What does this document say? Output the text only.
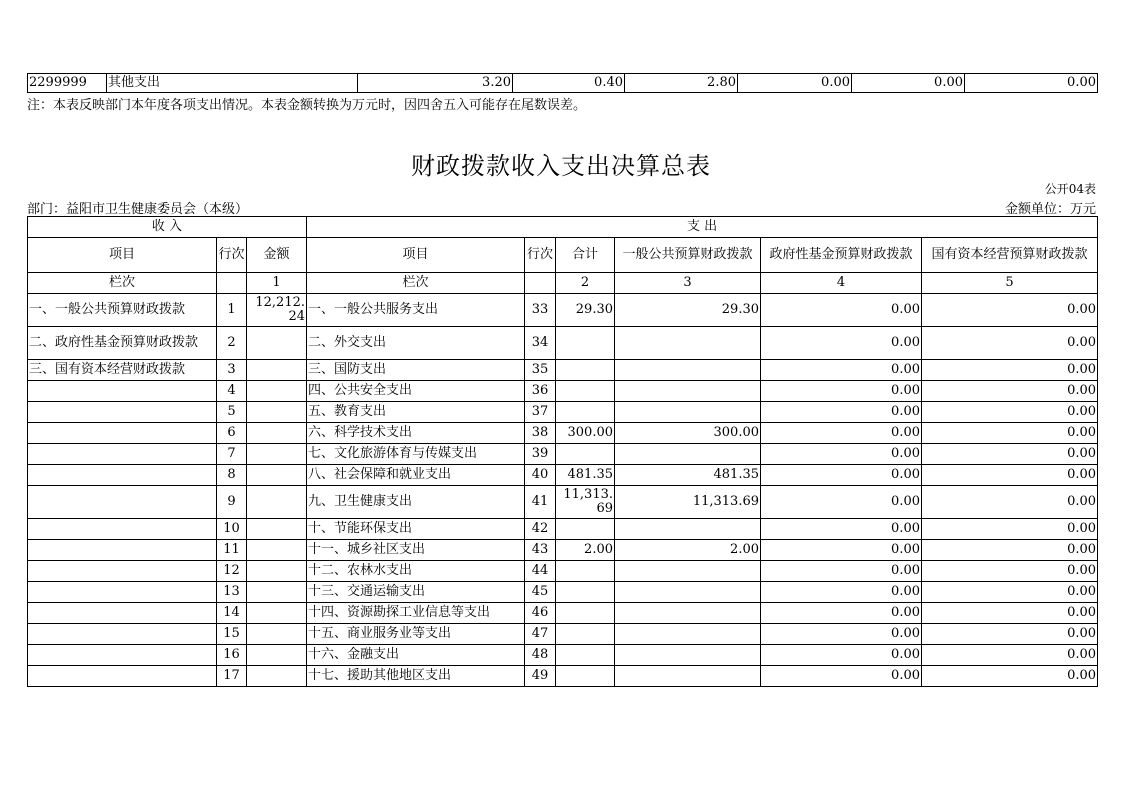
2299999	其他支出	3.20	0.40	2.80	0.00	0.00	0.00
注：本表反映部门本年度各项支出情况。本表金额转换为万元时，因四舍五入可能存在尾数误差。
财政拨款收入支出决算总表
公开04表
部门：益阳市卫生健康委员会（本级）	金额单位：万元
收 入			支 出					
项目	行次	金额	项目	行次	合计	一般公共预算财政拨款	政府性基金预算财政拨款	国有资本经营预算财政拨款
栏次		1	栏次		2	3	4	5
一、一般公共预算财政拨款	1	12,212.24	一、一般公共服务支出	33	29.30	29.30	0.00	0.00
二、政府性基金预算财政拨款	2		二、外交支出	34			0.00	0.00
三、国有资本经营财政拨款	3		三、国防支出	35			0.00	0.00
	4		四、公共安全支出	36			0.00	0.00
	5		五、教育支出	37			0.00	0.00
	6		六、科学技术支出	38	300.00	300.00	0.00	0.00
	7		七、文化旅游体育与传媒支出	39			0.00	0.00
	8		八、社会保障和就业支出	40	481.35	481.35	0.00	0.00
	9		九、卫生健康支出	41	11,313.69	11,313.69	0.00	0.00
	10		十、节能环保支出	42			0.00	0.00
	11		十一、城乡社区支出	43	2.00	2.00	0.00	0.00
	12		十二、农林水支出	44			0.00	0.00
	13		十三、交通运输支出	45			0.00	0.00
	14		十四、资源勘探工业信息等支出	46			0.00	0.00
	15		十五、商业服务业等支出	47			0.00	0.00
	16		十六、金融支出	48			0.00	0.00
	17		十七、援助其他地区支出	49			0.00	0.00
